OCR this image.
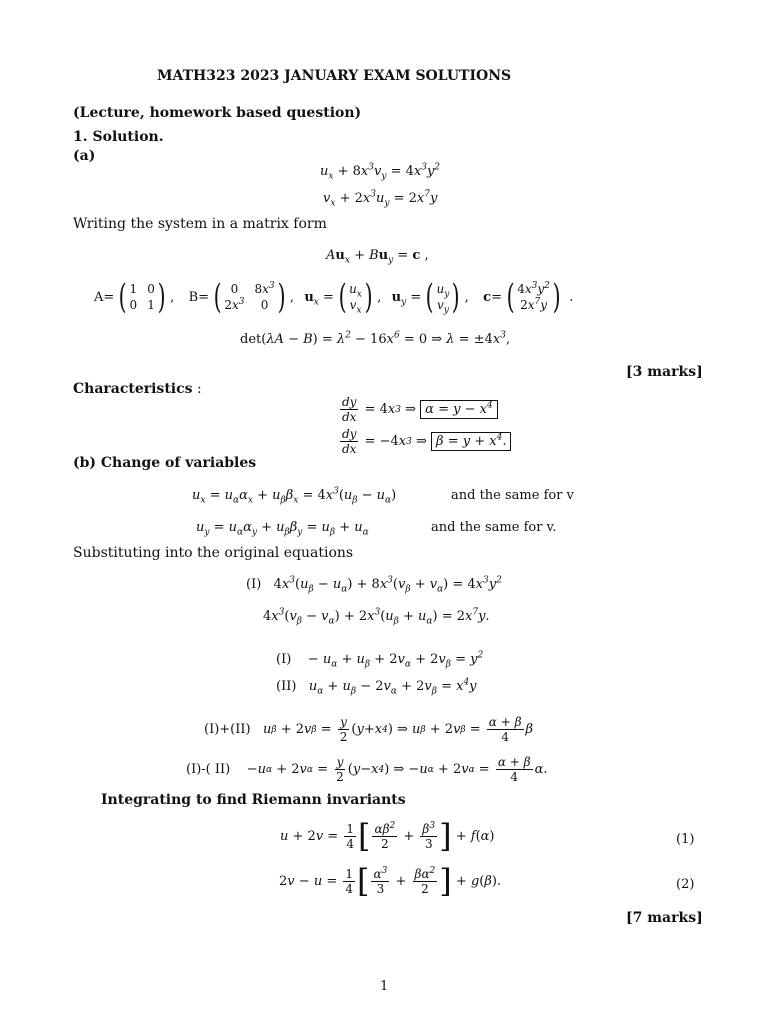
MATH323 2023 JANUARY EXAM SOLUTIONS
(Lecture, homework based question)
1. Solution.
(a)
$u_x + 8x^3v_y = 4x^3y^2$
$v_x + 2x^3u_y = 2x^7y$
Writing the system in a matrix form
$Au_x + Bu_y = c$ ,
A= ( 1 0
0 1 ) , B= ( 0	$8x^3$
$2x^3$	0 ) , $u_x$ = ( $u_x$
$v_x$ ) , $u_y$ = ( $u_y$
$v_y$ ) , c= ( $4x^3y^2$
$2x^7y$ ) .
$\det(\lambda A - B) = \lambda^2 - 16x^6 = 0$ ⇒ $\lambda = \pm 4x^3$,
[3 marks]
Characteristics :
$\frac{dy}{dx} = 4$ x 3 ⇒ $\alpha = y - x^4$
$\frac{dy}{dx} = -4$ x 3 ⇒ $\beta = y + x^4$.
(b) Change of variables
$u_x = u_\alpha\alpha_x + u_\beta\beta_x = 4x^3(u_\beta - u_\alpha)$	and the same for v
$u_y = u_\alpha\alpha_y + u_\beta\beta_y = u_\beta + u_\alpha$	and the same for v.
Substituting into the original equations
(I)   $4x^3(u_\beta - u_\alpha) + 8x^3(v_\beta + v_\alpha) = 4x^3y^2$
$4x^3(v_\beta - v_\alpha) + 2x^3(u_\beta + u_\alpha) = 2x^7y$.
(I)    − $u_\alpha + u_\beta + 2v_\alpha + 2v_\beta = y^2$
(II) $u_\alpha + u_\beta - 2v_\alpha + 2v_\beta = x^4y$
(I)+(II)
u β + 2 v $\beta = \frac{y}{2}$ ( y + x 4 ) ⇒ u β + 2 v $\beta = \frac{\alpha + \beta}{4}$ β
(I)-( II) − u α + 2 v $\alpha = \frac{y}{2}$ ( y − x 4 ) ⇒ − u α + 2 v $\alpha = \frac{\alpha + \beta}{4}$ α .
Integrating to find Riemann invariants
u + 2 $v = \frac{1}{4}$ [ $\frac{\alpha\beta^2}{2} + \frac{\beta^3}{3}$ ] + f ( α )	(1)
2 $v - u = \frac{1}{4}$ [ $\frac{\alpha^3}{3} + \frac{\beta\alpha^2}{2}$ ] + g ( β ).	(2)
[7 marks]
1
